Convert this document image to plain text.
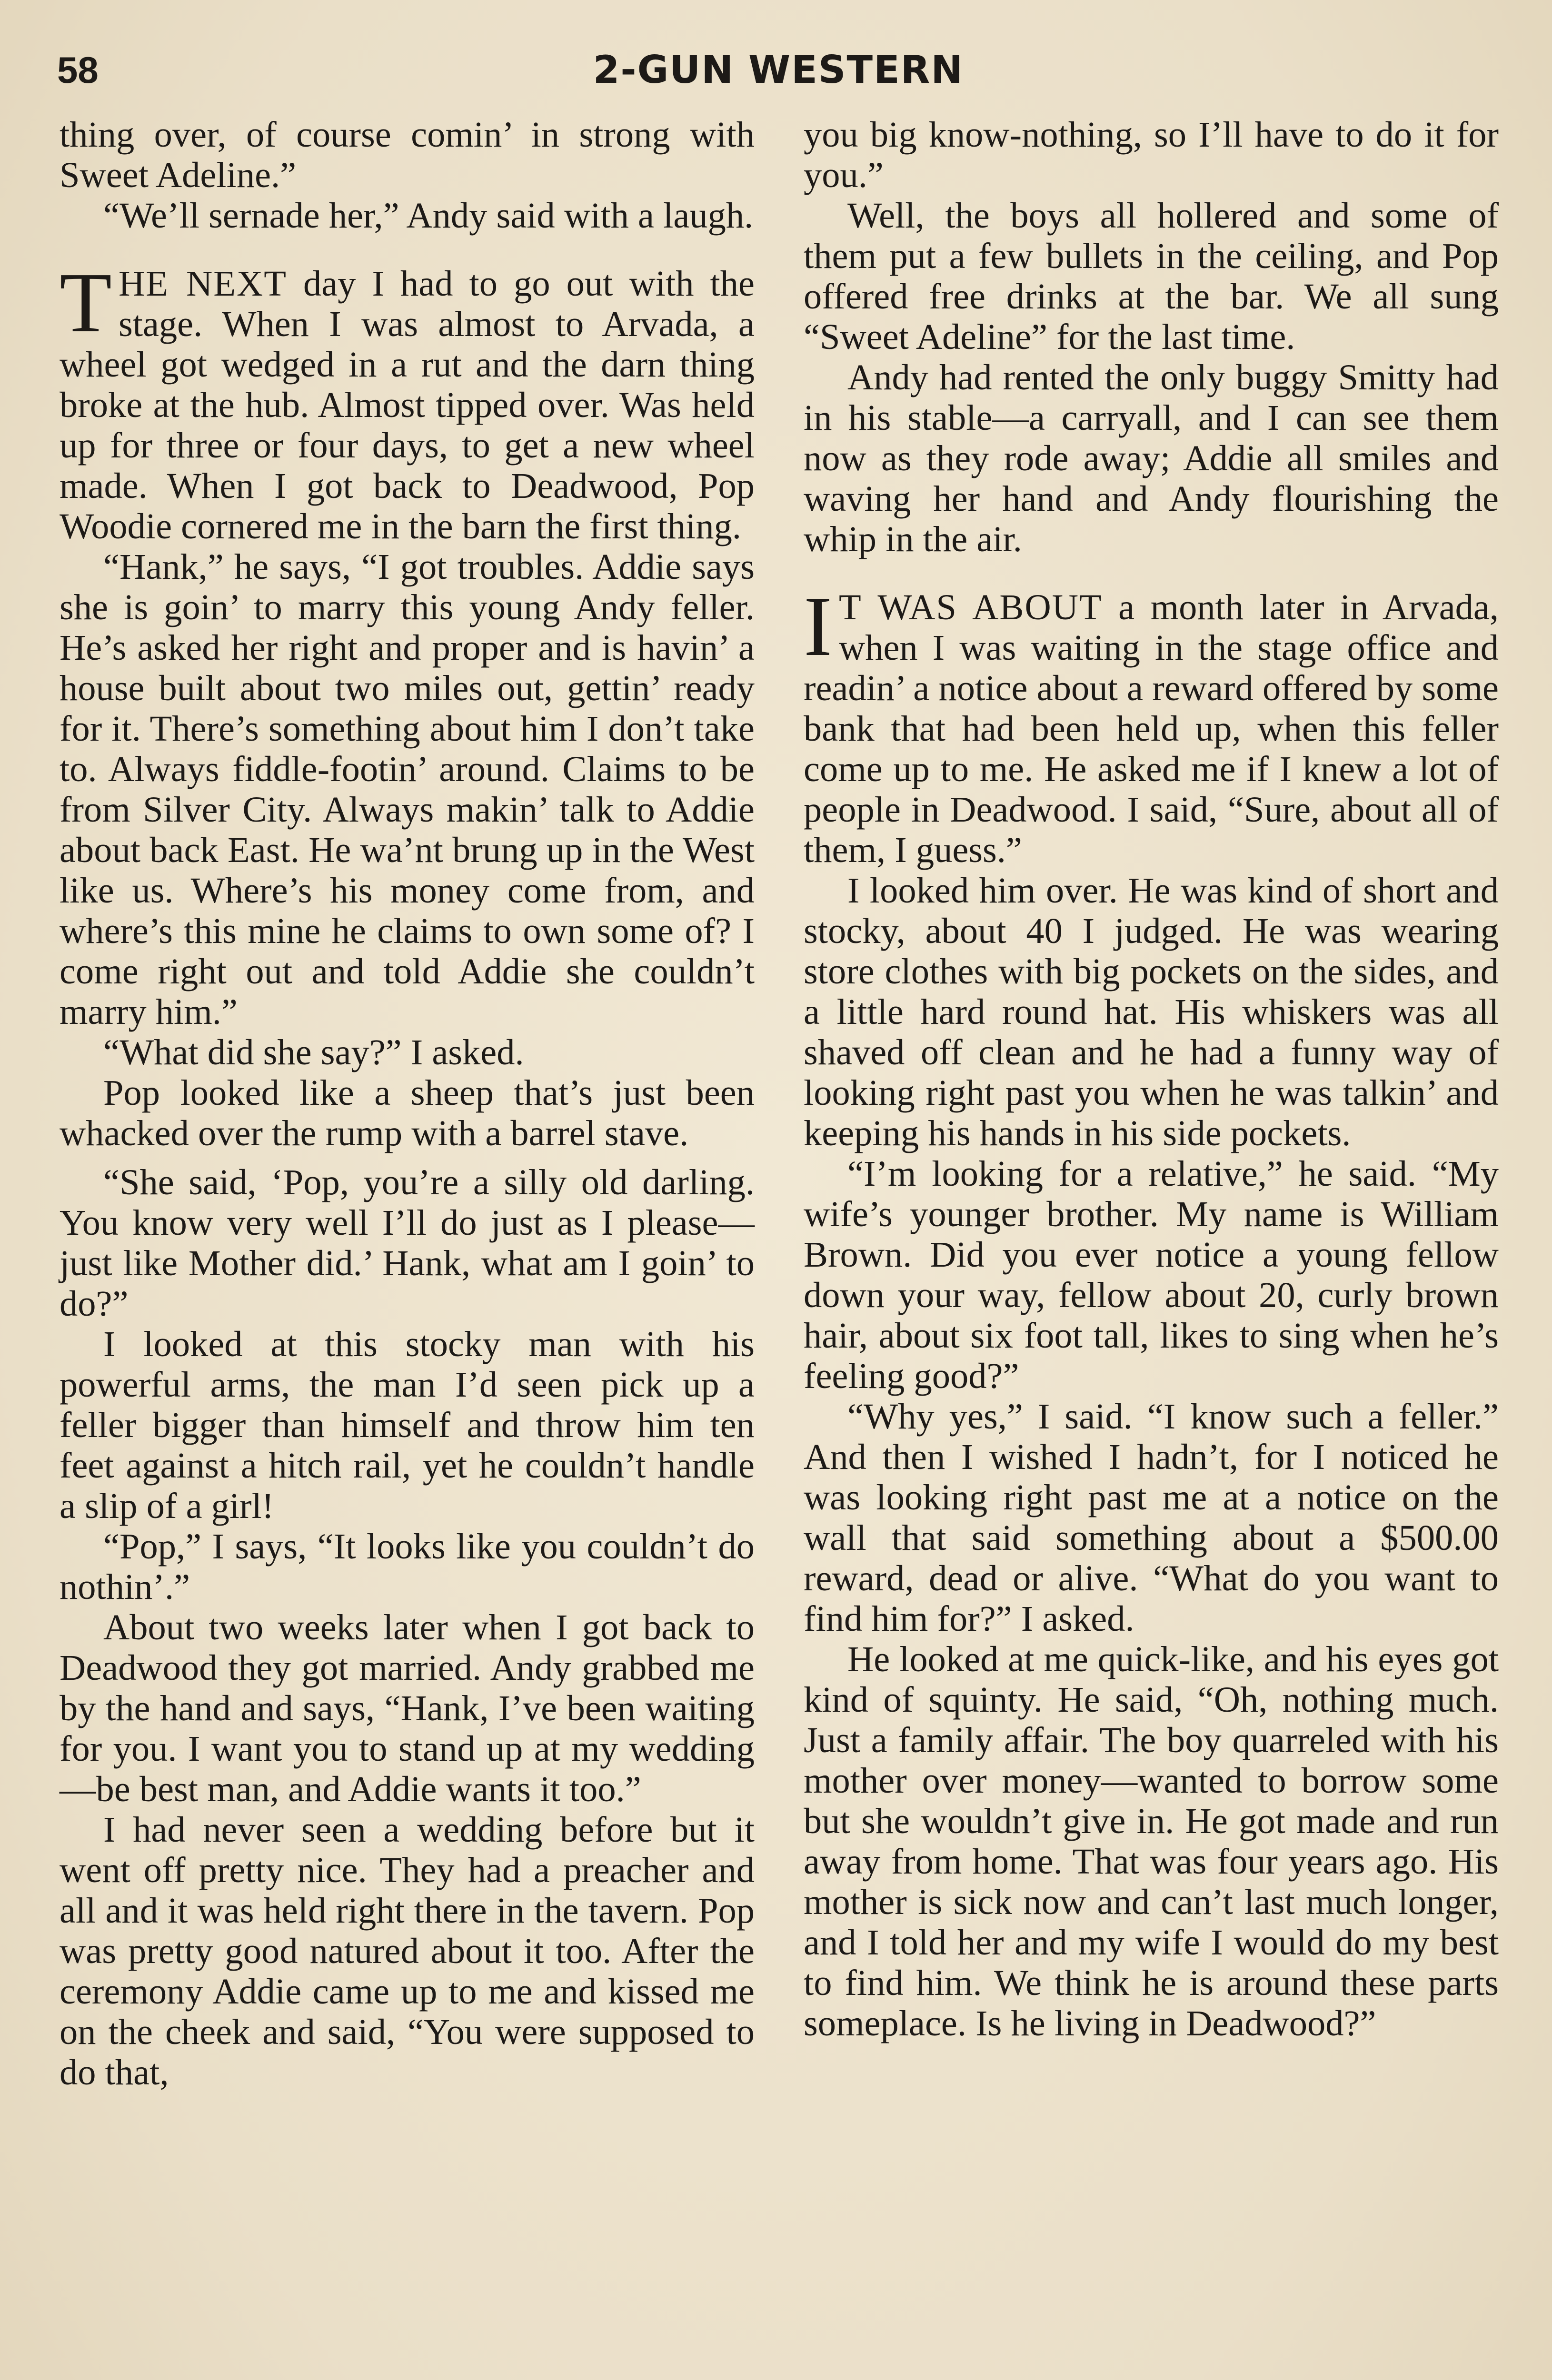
58	2-GUN WESTERN

thing over, of course comin’ in strong with Sweet Adeline.”

“We’ll sernade her,” Andy said with a laugh.

THE NEXT day I had to go out with the stage. When I was almost to Arvada, a wheel got wedged in a rut and the darn thing broke at the hub. Almost tipped over. Was held up for three or four days, to get a new wheel made. When I got back to Deadwood, Pop Woodie cornered me in the barn the first thing.

“Hank,” he says, “I got troubles. Addie says she is goin’ to marry this young Andy feller. He’s asked her right and proper and is havin’ a house built about two miles out, gettin’ ready for it. There’s something about him I don’t take to. Always fiddle-footin’ around. Claims to be from Silver City. Always makin’ talk to Addie about back East. He wa’nt brung up in the West like us. Where’s his money come from, and where’s this mine he claims to own some of? I come right out and told Addie she couldn’t marry him.”

“What did she say?” I asked.

Pop looked like a sheep that’s just been whacked over the rump with a barrel stave.

“She said, ‘Pop, you’re a silly old darling. You know very well I’ll do just as I please—just like Mother did.’ Hank, what am I goin’ to do?”

I looked at this stocky man with his powerful arms, the man I’d seen pick up a feller bigger than himself and throw him ten feet against a hitch rail, yet he couldn’t handle a slip of a girl!

“Pop,” I says, “It looks like you couldn’t do nothin’.”

About two weeks later when I got back to Deadwood they got married. Andy grabbed me by the hand and says, “Hank, I’ve been waiting for you. I want you to stand up at my wedding—be best man, and Addie wants it too.”

I had never seen a wedding before but it went off pretty nice. They had a preacher and all and it was held right there in the tavern. Pop was pretty good natured about it too. After the ceremony Addie came up to me and kissed me on the cheek and said, “You were supposed to do that,

you big know-nothing, so I’ll have to do it for you.”

Well, the boys all hollered and some of them put a few bullets in the ceiling, and Pop offered free drinks at the bar. We all sung “Sweet Adeline” for the last time.

Andy had rented the only buggy Smitty had in his stable—a carryall, and I can see them now as they rode away; Addie all smiles and waving her hand and Andy flourishing the whip in the air.

I T WAS ABOUT a month later in Arvada, when I was waiting in the stage office and readin’ a notice about a reward offered by some bank that had been held up, when this feller come up to me. He asked me if I knew a lot of people in Deadwood. I said, “Sure, about all of them, I guess.”

I looked him over. He was kind of short and stocky, about 40 I judged. He was wearing store clothes with big pockets on the sides, and a little hard round hat. His whiskers was all shaved off clean and he had a funny way of looking right past you when he was talkin’ and keeping his hands in his side pockets.

“I’m looking for a relative,” he said. “My wife’s younger brother. My name is William Brown. Did you ever notice a young fellow down your way, fellow about 20, curly brown hair, about six foot tall, likes to sing when he’s feeling good?”

“Why yes,” I said. “I know such a feller.” And then I wished I hadn’t, for I noticed he was looking right past me at a notice on the wall that said something about a $500.00 reward, dead or alive. “What do you want to find him for?” I asked.

He looked at me quick-like, and his eyes got kind of squinty. He said, “Oh, nothing much. Just a family affair. The boy quarreled with his mother over money—wanted to borrow some but she wouldn’t give in. He got made and run away from home. That was four years ago. His mother is sick now and can’t last much longer, and I told her and my wife I would do my best to find him. We think he is around these parts someplace. Is he living in Deadwood?”
